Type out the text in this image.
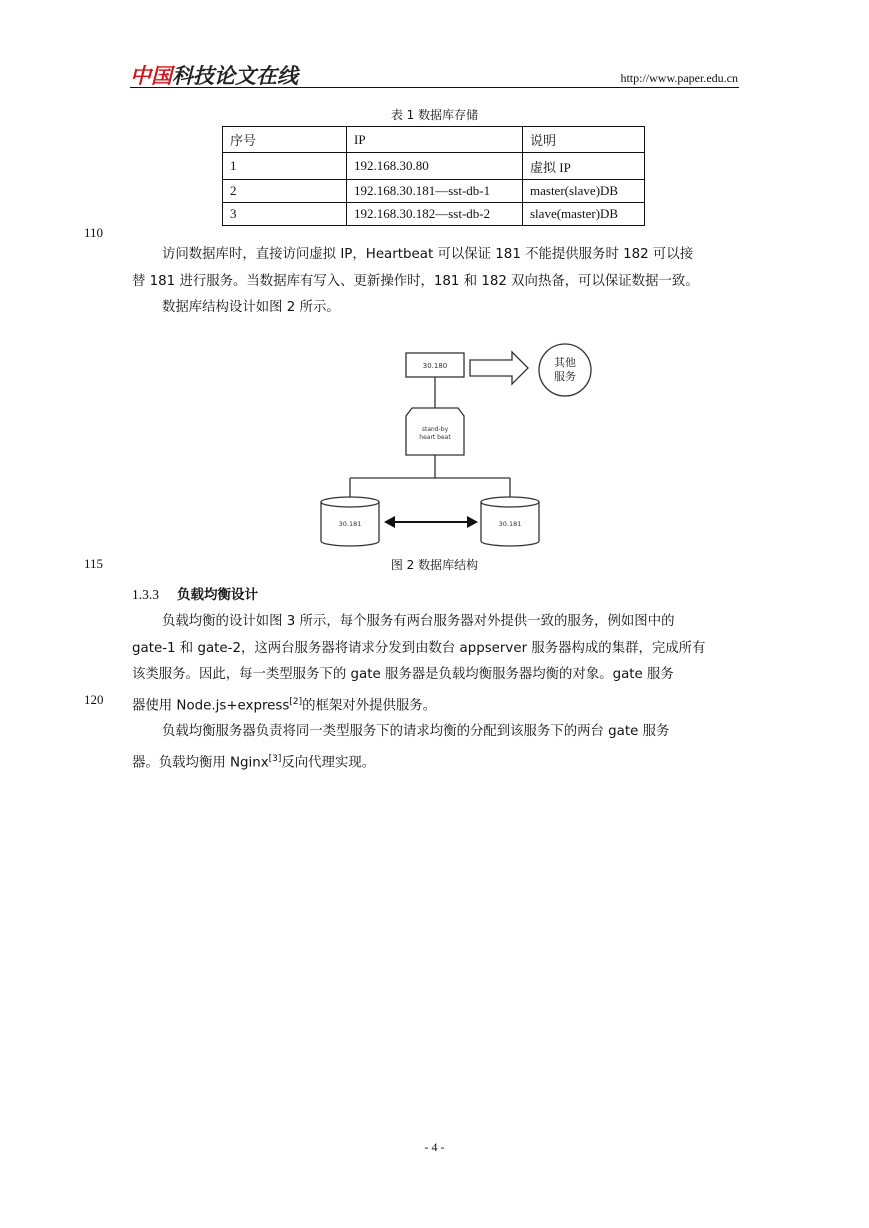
中国科技论文在线	http://www.paper.edu.cn
表 1 数据库存储
序号	IP	说明
1	192.168.30.80	虚拟 IP
2	192.168.30.181—sst-db-1	master(slave)DB
3	192.168.30.182—sst-db-2	slave(master)DB
110
115
120
访问数据库时，直接访问虚拟 IP，Heartbeat 可以保证 181 不能提供服务时 182 可以接
替 181 进行服务。当数据库有写入、更新操作时，181 和 182 双向热备，可以保证数据一致。
数据库结构设计如图 2 所示。
30.180	其他
服务
stand-by
heart beat
30.181	30.181
图 2 数据库结构
1.3.3 负载均衡设计
负载均衡的设计如图 3 所示，每个服务有两台服务器对外提供一致的服务，例如图中的
gate-1 和 gate-2，这两台服务器将请求分发到由数台 appserver 服务器构成的集群，完成所有
该类服务。因此，每一类型服务下的 gate 服务器是负载均衡服务器均衡的对象。gate 服务
器使用 Node.js+express[2]的框架对外提供服务。
负载均衡服务器负责将同一类型服务下的请求均衡的分配到该服务下的两台 gate 服务
器。负载均衡用 Nginx[3]反向代理实现。
- 4 -
